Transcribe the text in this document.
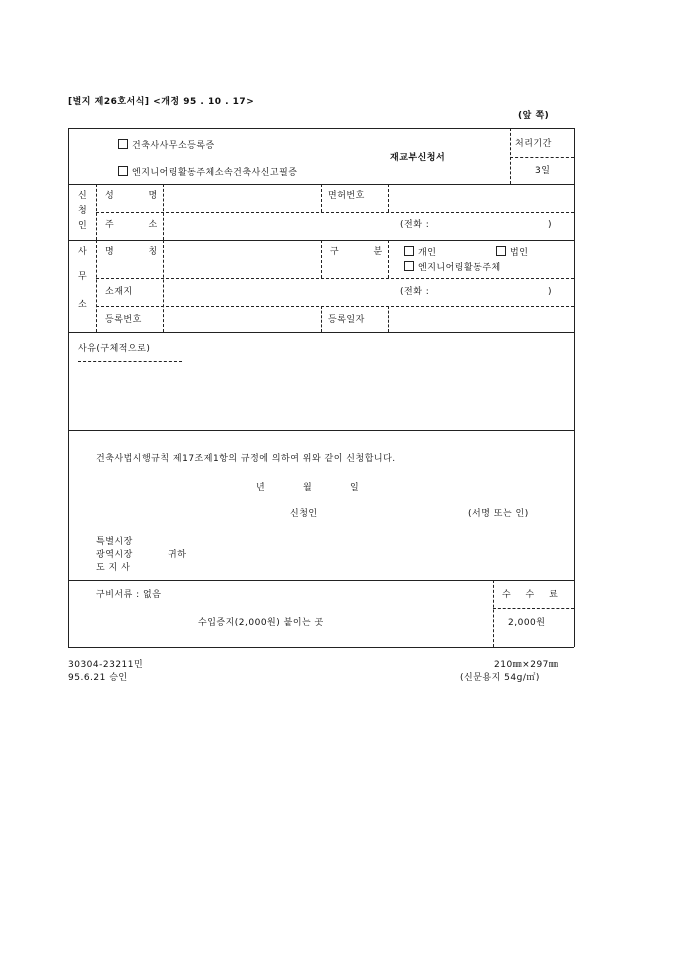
[별지 제26호서식] <개정 95 . 10 . 17>
(앞 쪽)
건축사사무소등록증
엔지니어링활동주체소속건축사신고필증
재교부신청서
처리기간
3일
신
청
인
성 명	면허번호
주 소	(전화 :	)
사
무
소
명 칭	구 분	개인	법인
엔지니어링활동주체
소재지	(전화 :	)
등록번호	등록일자
사유(구체적으로)
건축사법시행규칙 제17조제1항의 규정에 의하여 위와 같이 신청합니다.
년	월	일
신청인	(서명 또는 인)
특별시장
광역시장	귀하
도 지 사
구비서류 : 없음
수입증지(2,000원) 붙이는 곳
수 수 료
2,000원
30304-23211민
95.6.21 승인
210㎜×297㎜
(신문용지 54g/㎡)
